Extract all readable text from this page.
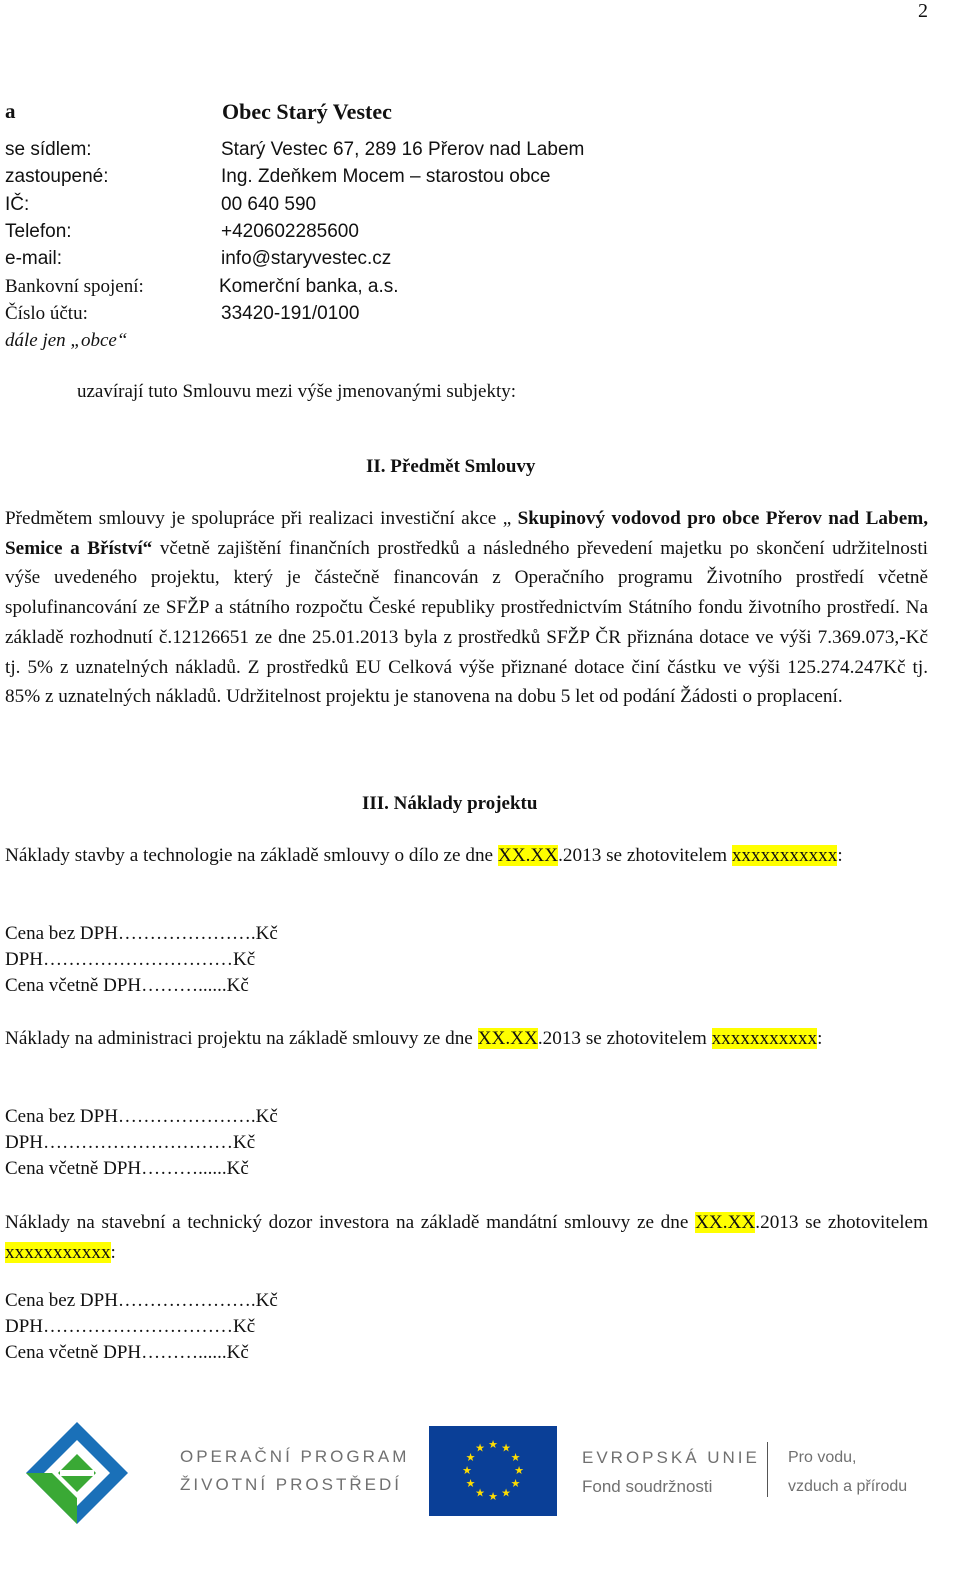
2
a	Obec Starý Vestec
se sídlem:	Starý Vestec 67, 289 16 Přerov nad Labem
zastoupené:	Ing. Zdeňkem Mocem – starostou obce
IČ:	00 640 590
Telefon:	+420602285600
e-mail:	info@staryvestec.cz
Bankovní spojení:	Komerční banka, a.s.
Číslo účtu:	33420-191/0100
dále jen „obce“
uzavírají tuto Smlouvu mezi výše jmenovanými subjekty:
II. Předmět Smlouvy
Předmětem smlouvy je spolupráce při realizaci investiční akce „ Skupinový vodovod pro obce Přerov nad Labem, Semice a Bříství“ včetně zajištění finančních prostředků a následného převedení majetku po skončení udržitelnosti výše uvedeného projektu, který je částečně financován z Operačního programu Životního prostředí včetně spolufinancování ze SFŽP a státního rozpočtu České republiky prostřednictvím Státního fondu životního prostředí. Na základě rozhodnutí č.12126651 ze dne 25.01.2013 byla z prostředků SFŽP ČR přiznána dotace ve výši 7.369.073,-Kč tj. 5% z uznatelných nákladů. Z prostředků EU Celková výše přiznané dotace činí částku ve výši 125.274.247Kč tj. 85% z uznatelných nákladů. Udržitelnost projektu je stanovena na dobu 5 let od podání Žádosti o proplacení.
III. Náklady projektu
Náklady stavby a technologie na základě smlouvy o dílo ze dne XX.XX.2013 se zhotovitelem xxxxxxxxxxx:
Cena bez DPH………………….Kč
DPH…………………………Kč
Cena včetně DPH………......Kč
Náklady na administraci projektu na základě smlouvy ze dne XX.XX.2013 se zhotovitelem xxxxxxxxxxx:
Cena bez DPH………………….Kč
DPH…………………………Kč
Cena včetně DPH………......Kč
Náklady na stavební a technický dozor investora na základě mandátní smlouvy ze dne XX.XX.2013 se zhotovitelem xxxxxxxxxxx:
Cena bez DPH………………….Kč
DPH…………………………Kč
Cena včetně DPH………......Kč
OPERAČNÍ PROGRAM
ŽIVOTNÍ PROSTŘEDÍ
★ ★
★
★
★
★
★
★
★
★
★
★	EVROPSKÁ UNIE
Fond soudržnosti
Pro vodu,
vzduch a přírodu
